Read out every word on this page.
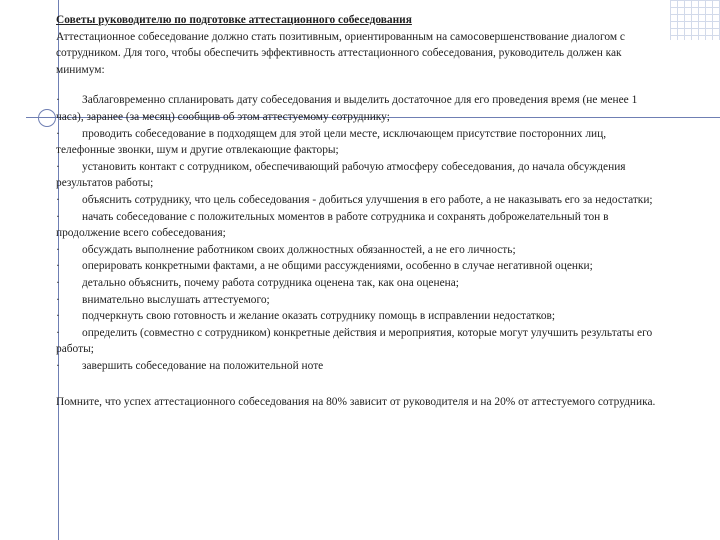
Советы руководителю по подготовке аттестационного собеседования

Аттестационное собеседование должно стать позитивным, ориентированным на самосовершенствование диалогом с сотрудником. Для того, чтобы обеспечить эффективность аттестационного собеседования, руководитель должен как минимум:

· Заблаговременно спланировать дату собеседования и выделить достаточное для его проведения время (не менее 1 часа), заранее (за месяц) сообщив об этом аттестуемому сотруднику;
· проводить собеседование в подходящем для этой цели месте, исключающем присутствие посторонних лиц, телефонные звонки, шум и другие отвлекающие факторы;
· установить контакт с сотрудником, обеспечивающий рабочую атмосферу собеседования, до начала обсуждения результатов работы;
· объяснить сотруднику, что цель собеседования - добиться улучшения в его работе, а не наказывать его за недостатки;
· начать собеседование с положительных моментов в работе сотрудника и сохранять доброжелательный тон в продолжение всего собеседования;
· обсуждать выполнение работником своих должностных обязанностей, а не его личность;
· оперировать конкретными фактами, а не общими рассуждениями, особенно в случае негативной оценки;
· детально объяснить, почему работа сотрудника оценена так, как она оценена;
· внимательно выслушать аттестуемого;
· подчеркнуть свою готовность и желание оказать сотруднику помощь в исправлении недостатков;
· определить (совместно с сотрудником) конкретные действия и мероприятия, которые могут улучшить результаты его работы;
· завершить собеседование на положительной ноте

Помните, что успех аттестационного собеседования на 80% зависит от руководителя и на 20% от аттестуемого сотрудника.
